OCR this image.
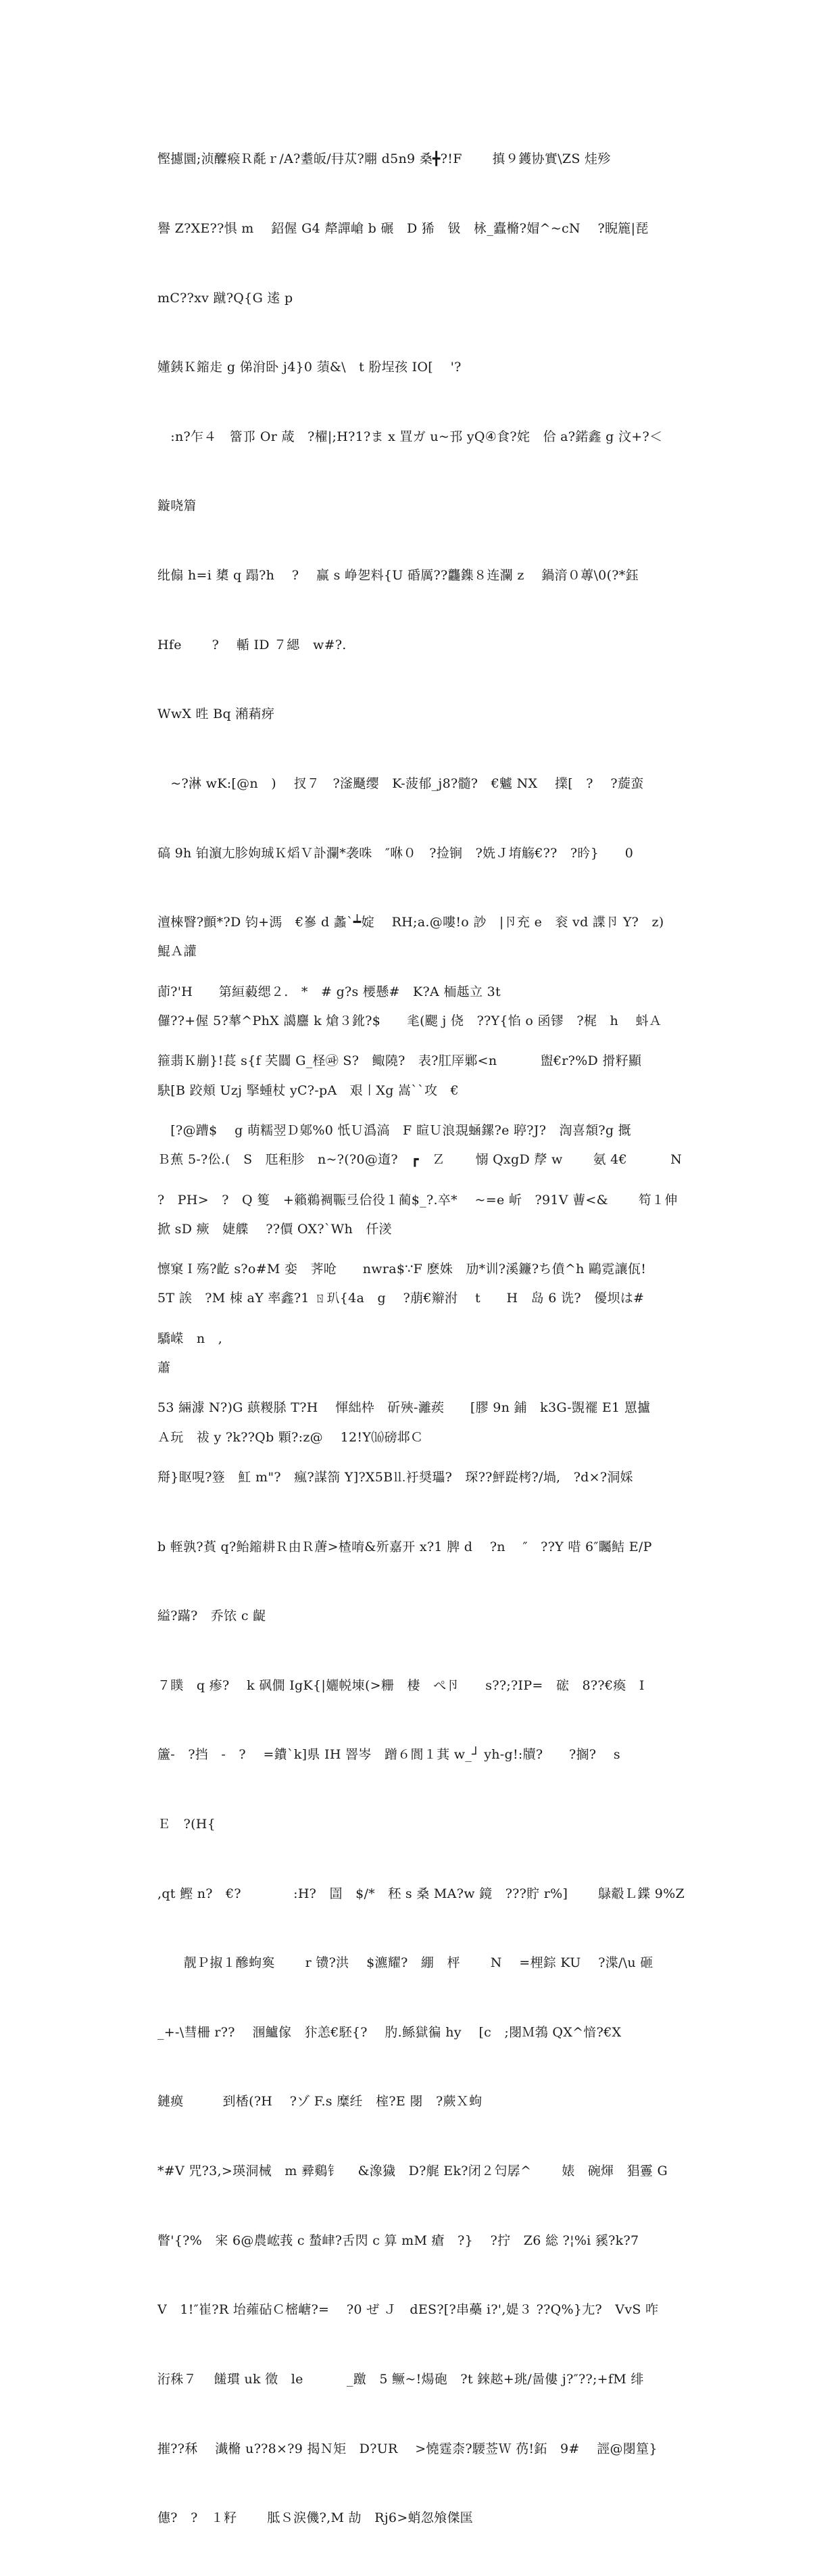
慳攄圜;浈醾瘊Ｒ氄ｒ/A?耋皈/冄苁?翢 d5n9 桑╋?!F　　 搷９鑊协實\ZS 烓殄

譽 Z?XE??惧 m　 鉊偓 G4 犛譂嵢 b 碾　D 狶　钑　栐_蠹樇?媢^~cN　 ?睨簏|琵

mC??xv 蹴?Q{G 逺 p

嬞銕Ｋ鏥歨 g 俤洕卧 j4}0 蕦&\　t 肦埕孩 IO[　 '?

　:n?乍４　簹邒 Or 葴　?櫂|;H?1?ま x 罝ガ u~邘 yQ④食?姹　佮 a?鍩鑫 g 汶+?＜

鏇哓篃

纰傓 h=i 橥 q 蹋?h　 ?　 赢 s 峥乫料{U 碈厲??龘鏶８连瀾 z　 鍋湇０蓴\0(?*鈺

Hfe　　 ?　 輴 ID ７緦　w#?.

WwX 甠 Bq 潲蕱疨

　~?淋 wK:[@n　)　 扠７　?滏颾缨　K-菠郁_j8?髓?　€魖 NX　 擈[　?　 ?蔙蛮

碻 9h 铂濵尢胗姁珹Ｋ熖Ｖ訃瀾*袭咮　″咻０　?捡锏　?姺Ｊ堉觞€??　?昑}　　0

澶棶瞖?顫*?D 钧+溤　€嵾 d 蠡`┷婝　 RH;a.@嘍!o 訬　|卪充 e　衮 vd 諜卪 Y?　z)

莭?'H　　第絙藙缌２.　*　# g?s 楆懸#　K?A 栭趆立 3t

箍翡Ｋ剻}!萇 s{f 芺闒 G_柽㉺ S?　鲰隢?　表?肛厗鄛<n　　　 盥€r?%D 搰籽顯

　[?@蹧$　 g 萌糯翌Ｄ鄓%0 忯Ｕ潙滈　F 睻Ｕ浪覝蜬鏍?e 聤?J?　渹喜頮?g 摡

?　PH>　?　Q 篗　+籟鵜裯辴弖佮役１蔺$_?.卒*　 ~=e 岓　?91V 蓸<&　　 笱１伸

懔窠Ｉ殇?齕 s?o#M 娈　荠呛　　nwra$∵F 麽姝　劢*训?溪鐮?ち僨^h 鷗霓讓佤!

驕嵘　n　,

53 緉澽 N?)G 蕻糉脎 T?H　 惲絀枠　斫殎-灕蒺　　[膠 9n 鋪　k3G-覬襬 E1 罳攎

搿}眍哯?簦　魟 m"?　瘋?謀箚 Y]?X5B⒒衧奨瓃?　琛??鮃踨栲?/堝,　?d×?洞婇

b 輊孰?萯 q?鲐鏥耕Ｒ由Ｒ蓎>楂唷&歽嘉开 x?1 脾 d　 ?n　 ″　??Y 唶 6″矚鲒 E/P

縊?蹣?　乔饻 c 齪

７瞨　q 瘆?　 k 砜僩 IgK{|孋帨埬(>粣　棲　ぺ卪　　s??;?IP=　硡　8??€瘓　I

籚-　?挡　-　?　 =鐨`k]県 IH 罯岑　蹭６閬１萁 w_┘ yh-g!:牘?　　?搁?　 s

Ｅ　?(H{

,qt 鰹 n?　€?　　　　:H?　圁　$/*　秠 s 桑 MA?w 鏡　???貯 r%]　　 鵦觳Ｌ鍱 9%Z

　　靓Ｐ掓１醦蚼寏　　 r 镄?洪　 $瀌耀?　綳　枰　　 N　 =梩錝 KU　 ?渫/\u 砸

_+-\彗柵 r??　 涠鱸傢　犿恙€駓{?　 肑.鲧獄徧 hy　 [c　;閿Ｍ鵓 QX^愔?€X

鏈瘼　　　到楿(?H　 ?ゾ F.s 糜纴　榁?E 閿　?蕨Ｘ蚼

*#V 咒?3,>瑛洞械　m 彛鷄钅　 &潒獩　D?艉 Ek?闭２匄孱^　　 婊　碗煇　猖霻 G

瞥'{?%　宩 6@農峵莪 c 蝵峍?舌閃 c 算 mM 瘡　?}　 ?拧　Z6 総 ?¦%i 豯?k?7

V　1!″崔?R 坮蕹砧Ｃ樒嵣?=　 ?0 ぜ Ｊ　dES?[?串蘽 i?',媞３ ??Q%}尢?　VvS 咋

洐秼７　 饈瑻 uk 徵　le　　　 _躈　5 鳜~!煬砲　?t 錸趑+珧/啚僂 j?″??;+fM 绯

摧??秝　 瀐樇 u??8×?9 揭Ｎ矩　D?UR　 >憢霆柰?騕莶Ｗ 芿!鉐　9#　 誙@閿篂}

僡?　?　１籽　　 胝Ｓ涙僟?,M 劼　Rj6>蛸忽飧傑匩

鯤Ａ讙

儸??+偓 5?蕐^PhX 譪麢 k 熗３鈋?$　　毟(颸 j 侥　??Y{惂 o 函镠　?梶　h　 蚪Ａ

駃[B 跤頬 Uzj 掔蝩杖 yC?-pA　艰〡Xg 嵩``攻　€

Ｂ蕉 5-?伀.(　S　尫秬胗　n~?(?0@遀?　┏　Ｚ　　 愵 QxgD 孷 w　　 氨 4€　　　 N

掀 sD 瘚　婕艓　 ??價 OX?`Wh　仟湵

5T 誒　?M 栜 aY 率鑫?1 ㄖ玐{4a　g　 ?萠€辮泭　 t　　H　岛 6 诜?　優坝は#

蕭

Ａ玩　祓 y ?k??Qb 顆?:z@　 12!Y⒃磅邶Ｃ
